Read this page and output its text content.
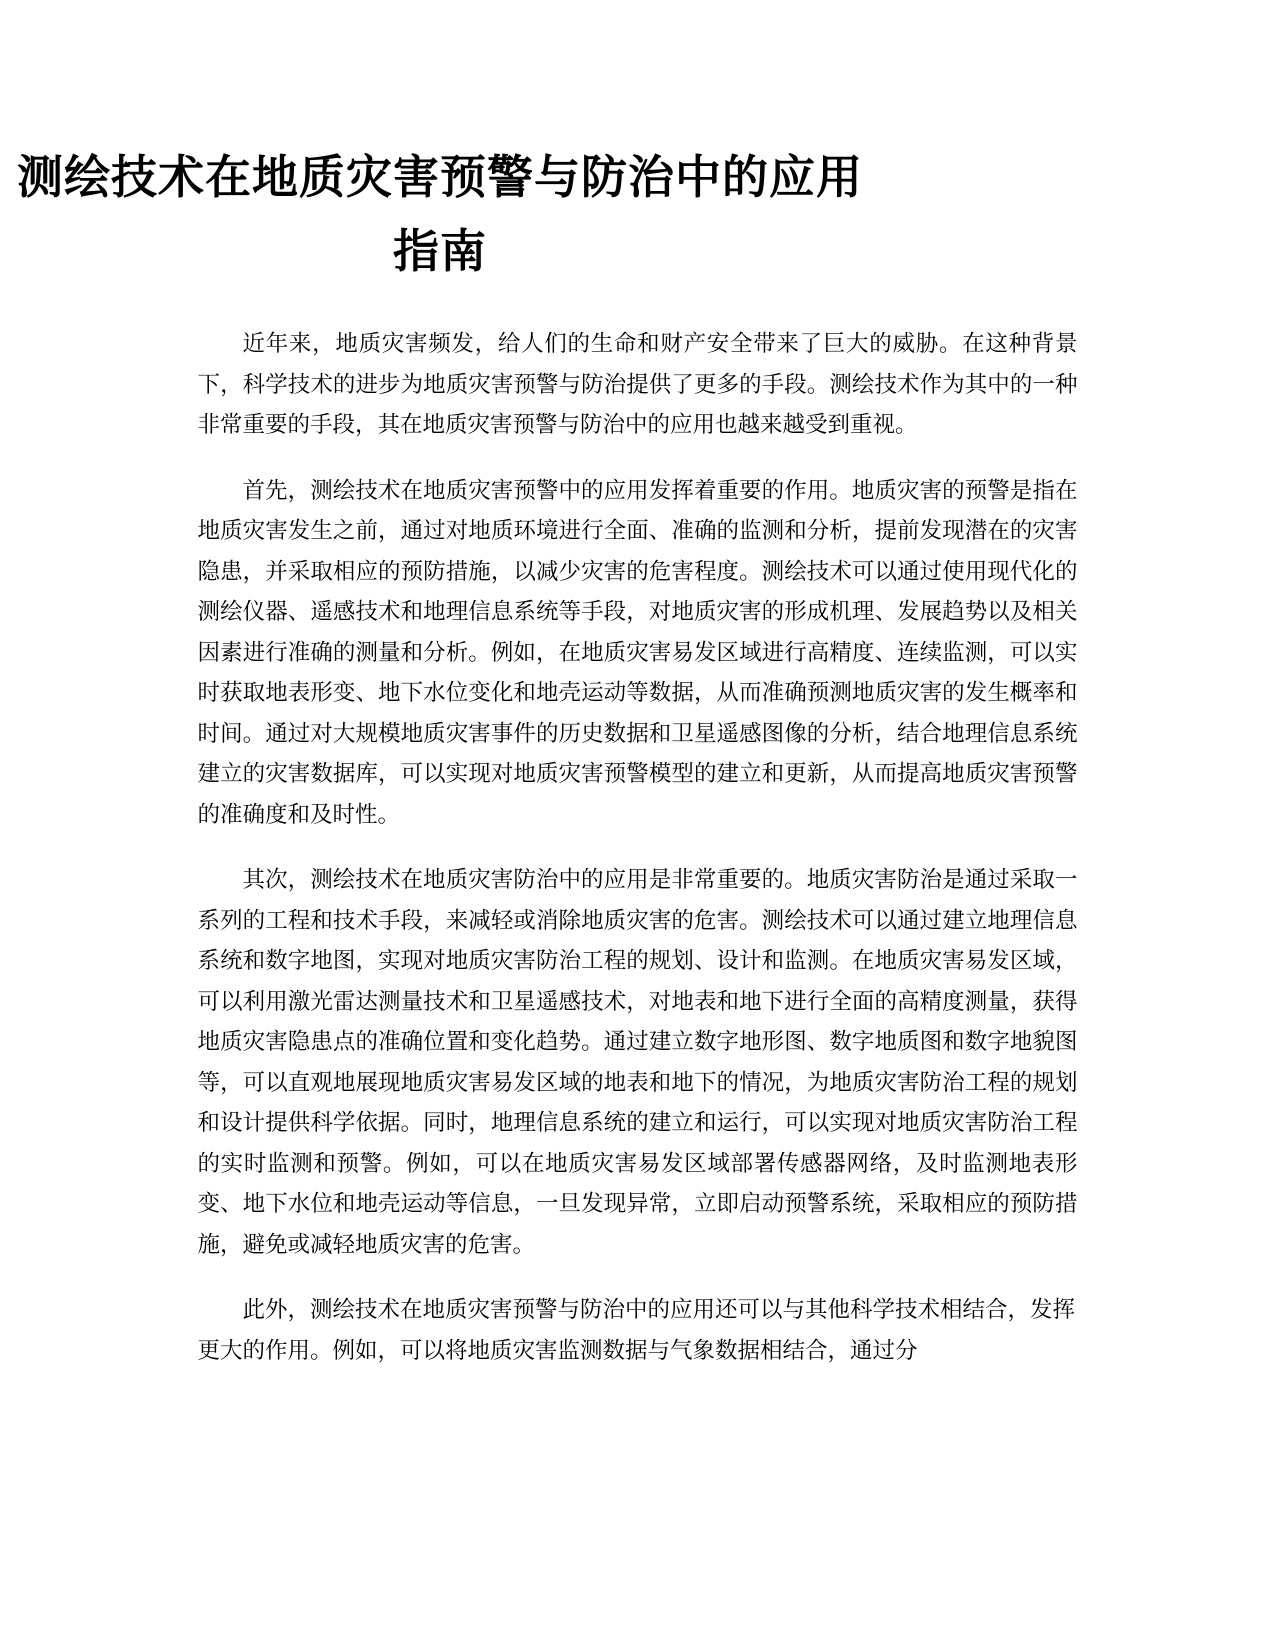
测绘技术在地质灾害预警与防治中的应用指南

近年来，地质灾害频发，给人们的生命和财产安全带来了巨大的威胁。在这种背景下，科学技术的进步为地质灾害预警与防治提供了更多的手段。测绘技术作为其中的一种非常重要的手段，其在地质灾害预警与防治中的应用也越来越受到重视。

首先，测绘技术在地质灾害预警中的应用发挥着重要的作用。地质灾害的预警是指在地质灾害发生之前，通过对地质环境进行全面、准确的监测和分析，提前发现潜在的灾害隐患，并采取相应的预防措施，以减少灾害的危害程度。测绘技术可以通过使用现代化的测绘仪器、遥感技术和地理信息系统等手段，对地质灾害的形成机理、发展趋势以及相关因素进行准确的测量和分析。例如，在地质灾害易发区域进行高精度、连续监测，可以实时获取地表形变、地下水位变化和地壳运动等数据，从而准确预测地质灾害的发生概率和时间。通过对大规模地质灾害事件的历史数据和卫星遥感图像的分析，结合地理信息系统建立的灾害数据库，可以实现对地质灾害预警模型的建立和更新，从而提高地质灾害预警的准确度和及时性。

其次，测绘技术在地质灾害防治中的应用是非常重要的。地质灾害防治是通过采取一系列的工程和技术手段，来减轻或消除地质灾害的危害。测绘技术可以通过建立地理信息系统和数字地图，实现对地质灾害防治工程的规划、设计和监测。在地质灾害易发区域，可以利用激光雷达测量技术和卫星遥感技术，对地表和地下进行全面的高精度测量，获得地质灾害隐患点的准确位置和变化趋势。通过建立数字地形图、数字地质图和数字地貌图等，可以直观地展现地质灾害易发区域的地表和地下的情况，为地质灾害防治工程的规划和设计提供科学依据。同时，地理信息系统的建立和运行，可以实现对地质灾害防治工程的实时监测和预警。例如，可以在地质灾害易发区域部署传感器网络，及时监测地表形变、地下水位和地壳运动等信息，一旦发现异常，立即启动预警系统，采取相应的预防措施，避免或减轻地质灾害的危害。

此外，测绘技术在地质灾害预警与防治中的应用还可以与其他科学技术相结合，发挥更大的作用。例如，可以将地质灾害监测数据与气象数据相结合，通过分
